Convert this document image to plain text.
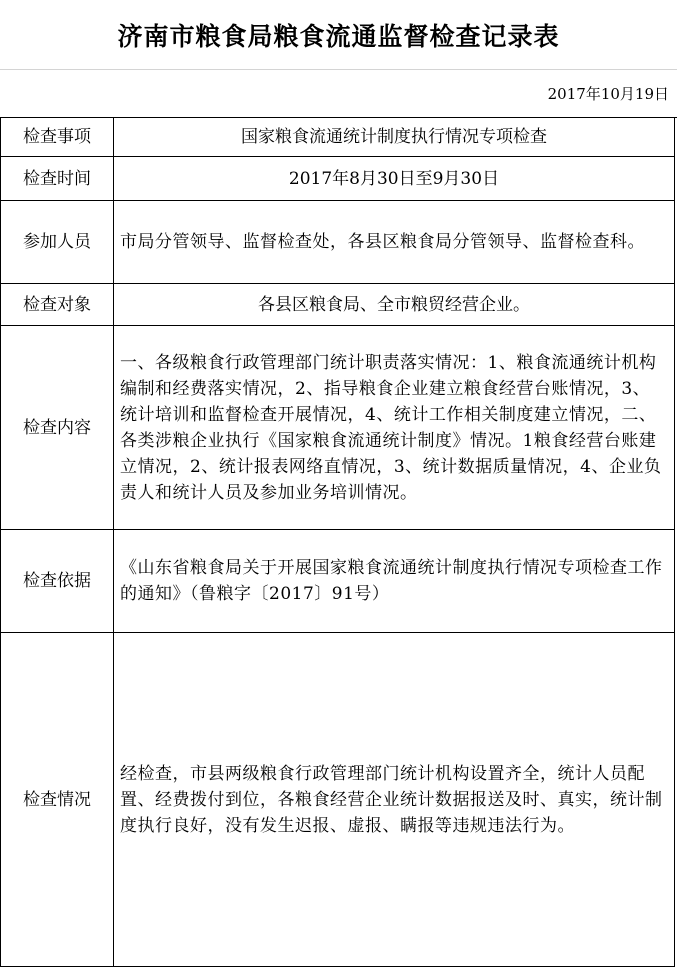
济南市粮食局粮食流通监督检查记录表
2017年10月19日
检查事项	国家粮食流通统计制度执行情况专项检查
检查时间	2017年8月30日至9月30日
参加人员	市局分管领导、监督检查处，各县区粮食局分管领导、监督检查科。
检查对象	各县区粮食局、全市粮贸经营企业。
检查内容	一、各级粮食行政管理部门统计职责落实情况：1、粮食流通统计机构编制和经费落实情况，2、指导粮食企业建立粮食经营台账情况，3、统计培训和监督检查开展情况，4、统计工作相关制度建立情况，二、各类涉粮企业执行《国家粮食流通统计制度》情况。1粮食经营台账建立情况，2、统计报表网络直情况，3、统计数据质量情况，4、企业负责人和统计人员及参加业务培训情况。
检查依据	《山东省粮食局关于开展国家粮食流通统计制度执行情况专项检查工作的通知》（鲁粮字〔2017〕91号）
检查情况	经检查，市县两级粮食行政管理部门统计机构设置齐全，统计人员配置、经费拨付到位，各粮食经营企业统计数据报送及时、真实，统计制度执行良好，没有发生迟报、虚报、瞒报等违规违法行为。
